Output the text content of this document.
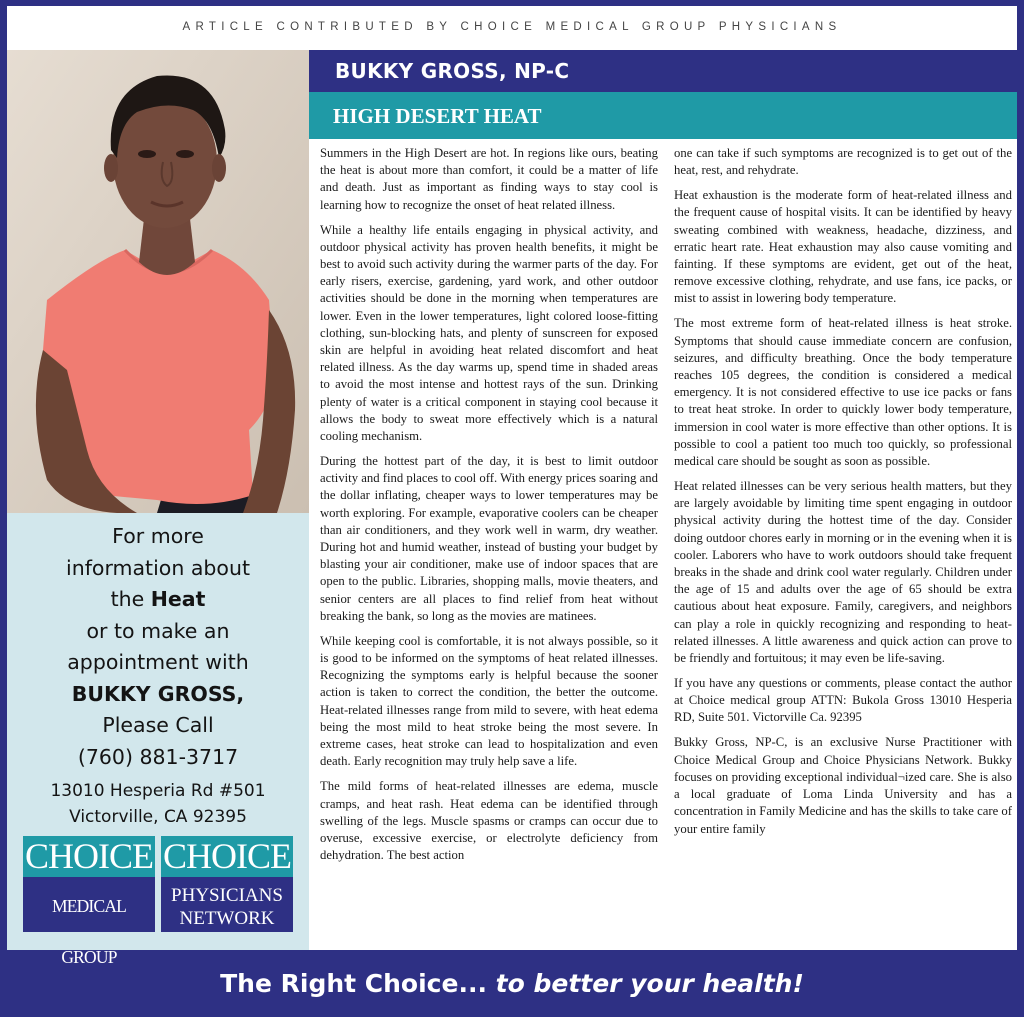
ARTICLE CONTRIBUTED BY CHOICE MEDICAL GROUP PHYSICIANS
For more
information about
the Heat
or to make an
appointment with
BUKKY GROSS,
Please Call
(760) 881-3717
13010 Hesperia Rd #501
Victorville, CA 92395
CHOICE
MEDICAL GROUP
CHOICE
PHYSICIANS
NETWORK
BUKKY GROSS, NP-C
HIGH DESERT HEAT

Summers in the High Desert are hot. In regions like ours, beating the heat is about more than comfort, it could be a matter of life and death. Just as important as finding ways to stay cool is learning how to recognize the onset of heat related illness.

While a healthy life entails engaging in physical activity, and outdoor physical activity has proven health benefits, it might be best to avoid such activity during the warmer parts of the day. For early risers, exercise, gardening, yard work, and other outdoor activities should be done in the morning when temperatures are lower. Even in the lower temperatures, light colored loose-fitting clothing, sun-blocking hats, and plenty of sunscreen for exposed skin are helpful in avoiding heat related discomfort and heat related illness. As the day warms up, spend time in shaded areas to avoid the most intense and hottest rays of the sun. Drinking plenty of water is a critical component in staying cool because it allows the body to sweat more effectively which is a natural cooling mechanism.

During the hottest part of the day, it is best to limit outdoor activity and find places to cool off. With energy prices soaring and the dollar inflating, cheaper ways to lower temperatures may be worth exploring. For example, evaporative coolers can be cheaper than air conditioners, and they work well in warm, dry weather. During hot and humid weather, instead of busting your budget by blasting your air conditioner, make use of indoor spaces that are open to the public. Libraries, shopping malls, movie theaters, and senior centers are all places to find relief from heat without breaking the bank, so long as the movies are matinees.

While keeping cool is comfortable, it is not always possible, so it is good to be informed on the symptoms of heat related illnesses. Recognizing the symptoms early is helpful because the sooner action is taken to correct the condition, the better the outcome. Heat-related illnesses range from mild to severe, with heat edema being the most mild to heat stroke being the most severe. In extreme cases, heat stroke can lead to hospitalization and even death. Early recognition may truly help save a life.

The mild forms of heat-related illnesses are edema, muscle cramps, and heat rash. Heat edema can be identified through swelling of the legs. Muscle spasms or cramps can occur due to overuse, excessive exercise, or electrolyte deficiency from dehydration. The best action

one can take if such symptoms are recognized is to get out of the heat, rest, and rehydrate.

Heat exhaustion is the moderate form of heat-related illness and the frequent cause of hospital visits. It can be identified by heavy sweating combined with weakness, headache, dizziness, and erratic heart rate. Heat exhaustion may also cause vomiting and fainting. If these symptoms are evident, get out of the heat, remove excessive clothing, rehydrate, and use fans, ice packs, or mist to assist in lowering body temperature.

The most extreme form of heat-related illness is heat stroke. Symptoms that should cause immediate concern are confusion, seizures, and difficulty breathing. Once the body temperature reaches 105 degrees, the condition is considered a medical emergency. It is not considered effective to use ice packs or fans to treat heat stroke. In order to quickly lower body temperature, immersion in cool water is more effective than other options. It is possible to cool a patient too much too quickly, so professional medical care should be sought as soon as possible.

Heat related illnesses can be very serious health matters, but they are largely avoidable by limiting time spent engaging in outdoor physical activity during the hottest time of the day. Consider doing outdoor chores early in morning or in the evening when it is cooler. Laborers who have to work outdoors should take frequent breaks in the shade and drink cool water regularly. Children under the age of 15 and adults over the age of 65 should be extra cautious about heat exposure. Family, caregivers, and neighbors can play a role in quickly recognizing and responding to heat-related illnesses. A little awareness and quick action can prove to be friendly and fortuitous; it may even be life-saving.

If you have any questions or comments, please contact the author at Choice medical group ATTN: Bukola Gross 13010 Hesperia RD, Suite 501. Victorville Ca. 92395

Bukky Gross, NP-C, is an exclusive Nurse Practitioner with Choice Medical Group and Choice Physicians Network. Bukky focuses on providing exceptional individual¬ized care. She is also a local graduate of Loma Linda University and has a concentration in Family Medicine and has the skills to take care of your entire family

The Right Choice... to better your health!
